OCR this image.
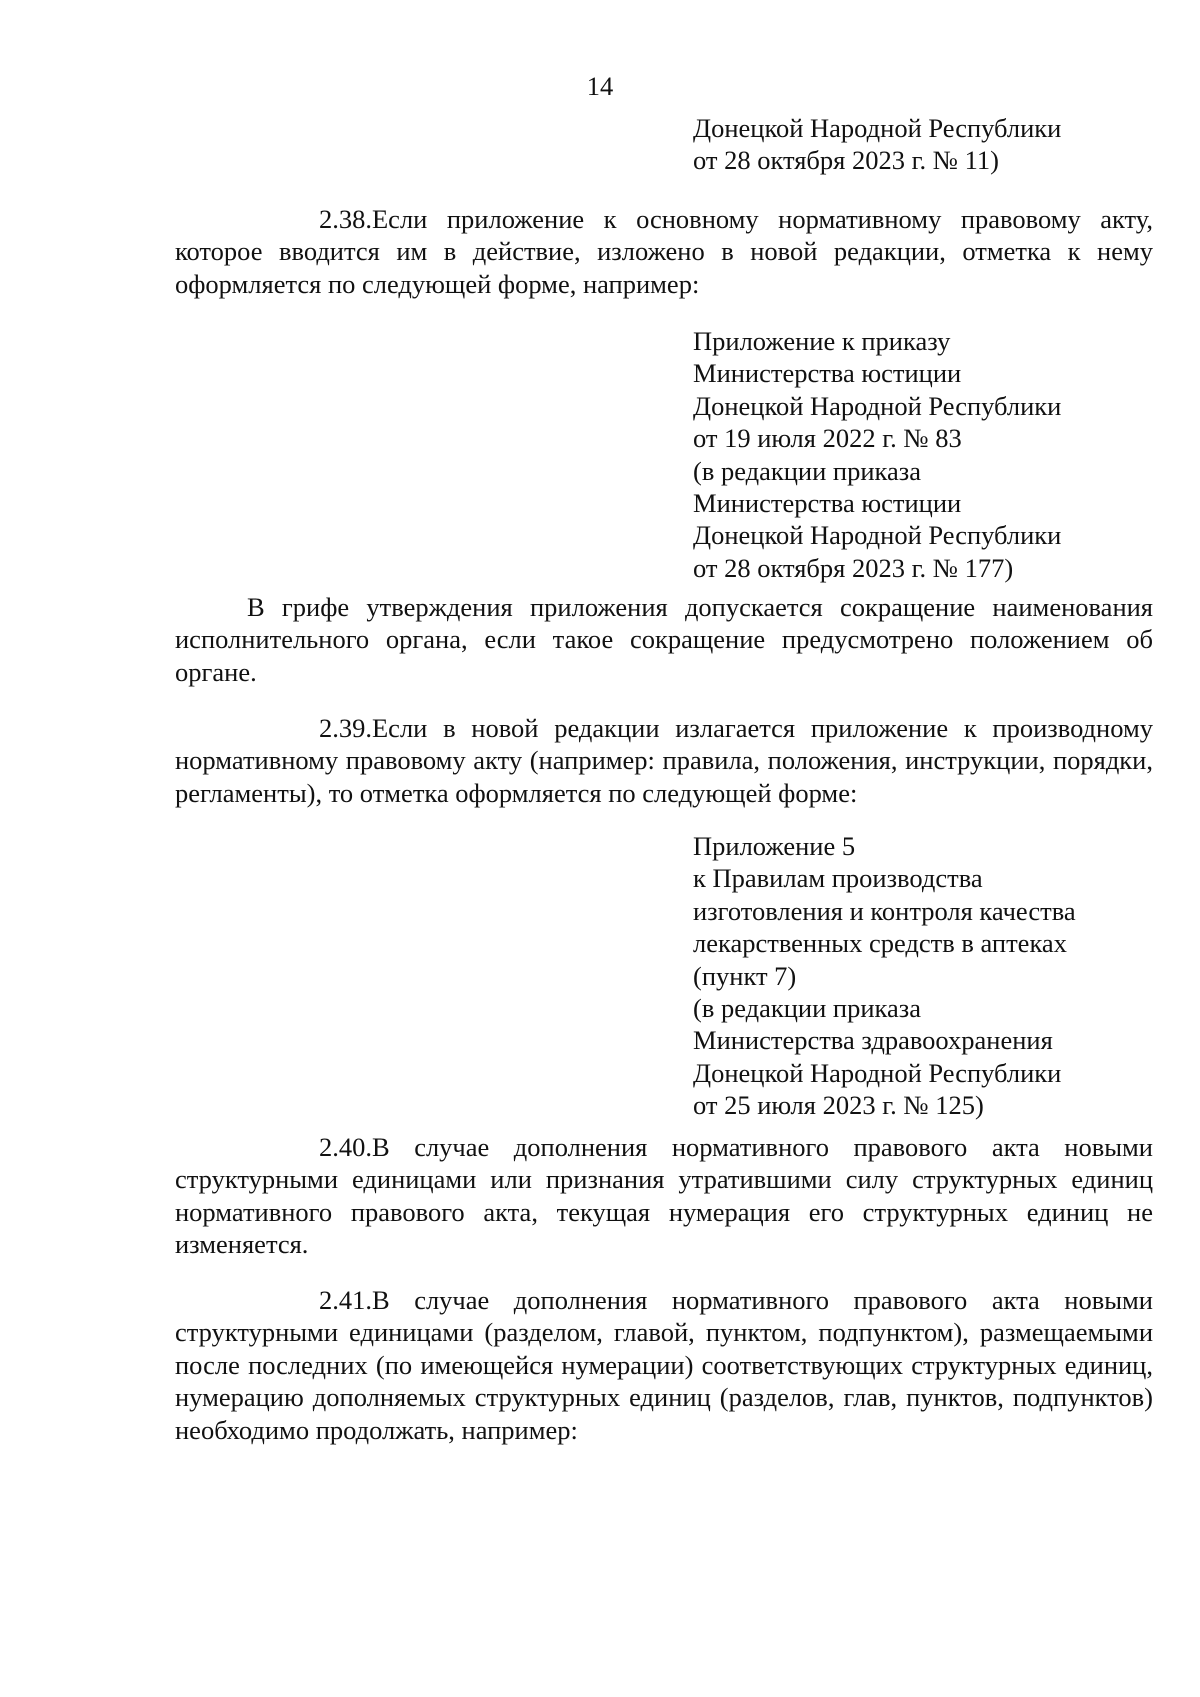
14

Донецкой Народной Республики
от 28 октября 2023 г. № 11)

2.38.Если приложение к основному нормативному правовому акту, которое вводится им в действие, изложено в новой редакции, отметка к нему оформляется по следующей форме, например:

Приложение к приказу
Министерства юстиции
Донецкой Народной Республики
от 19 июля 2022 г. № 83
(в редакции приказа
Министерства юстиции
Донецкой Народной Республики
от 28 октября 2023 г. № 177)

В грифе утверждения приложения допускается сокращение наименования исполнительного органа, если такое сокращение предусмотрено положением об органе.

2.39.Если в новой редакции излагается приложение к производному нормативному правовому акту (например: правила, положения, инструкции, порядки, регламенты), то отметка оформляется по следующей форме:

Приложение 5
к Правилам производства
изготовления и контроля качества
лекарственных средств в аптеках
(пункт 7)
(в редакции приказа
Министерства здравоохранения
Донецкой Народной Республики
от 25 июля 2023 г. № 125)

2.40.В случае дополнения нормативного правового акта новыми структурными единицами или признания утратившими силу структурных единиц нормативного правового акта, текущая нумерация его структурных единиц не изменяется.

2.41.В случае дополнения нормативного правового акта новыми структурными единицами (разделом, главой, пунктом, подпунктом), размещаемыми после последних (по имеющейся нумерации) соответствующих структурных единиц, нумерацию дополняемых структурных единиц (разделов, глав, пунктов, подпунктов) необходимо продолжать, например:
